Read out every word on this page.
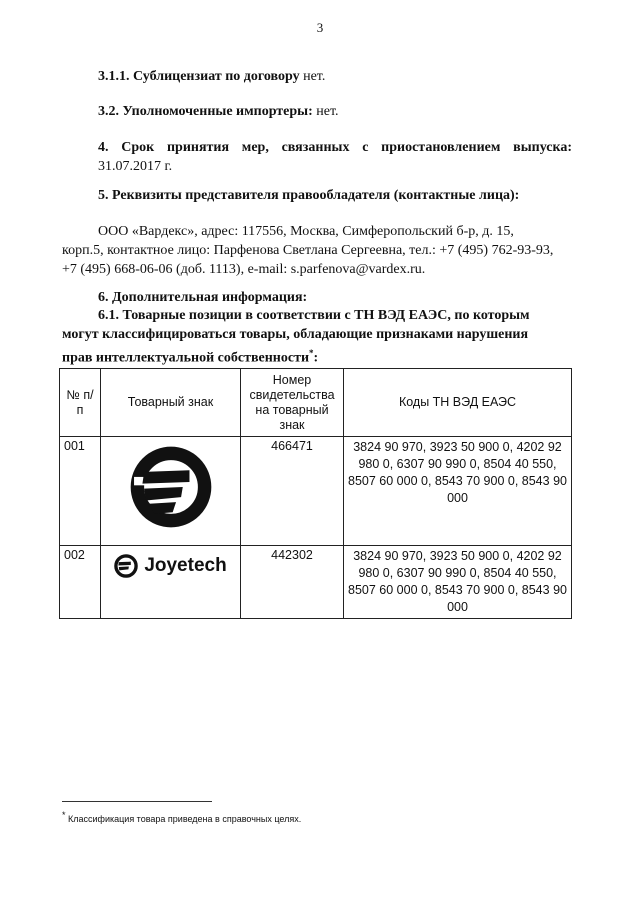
3
3.1.1. Сублицензиат по договору нет.
3.2. Уполномоченные импортеры: нет.
4. Срок принятия мер, связанных с приостановлением выпуска: 31.07.2017 г.
5. Реквизиты представителя правообладателя (контактные лица):
ООО «Вардекс», адрес: 117556, Москва, Симферопольский б-р, д. 15,
корп.5, контактное лицо: Парфенова Светлана Сергеевна, тел.: +7 (495) 762-93-93,
+7 (495) 668-06-06 (доб. 1113), e-mail: s.parfenova@vardex.ru.
6. Дополнительная информация:
6.1. Товарные позиции в соответствии с ТН ВЭД ЕАЭС, по которым
могут классифицироваться товары, обладающие признаками нарушения
прав интеллектуальной собственности*:
№ п/п	Товарный знак	Номер свидетельства на товарный знак	Коды ТН ВЭД ЕАЭС
001		466471	3824 90 970, 3923 50 900 0, 4202 92 980 0, 6307 90 990 0, 8504 40 550, 8507 60 000 0, 8543 70 900 0, 8543 90 000
002	Joyetech	442302	3824 90 970, 3923 50 900 0, 4202 92 980 0, 6307 90 990 0, 8504 40 550, 8507 60 000 0, 8543 70 900 0, 8543 90 000
* Классификация товара приведена в справочных целях.
